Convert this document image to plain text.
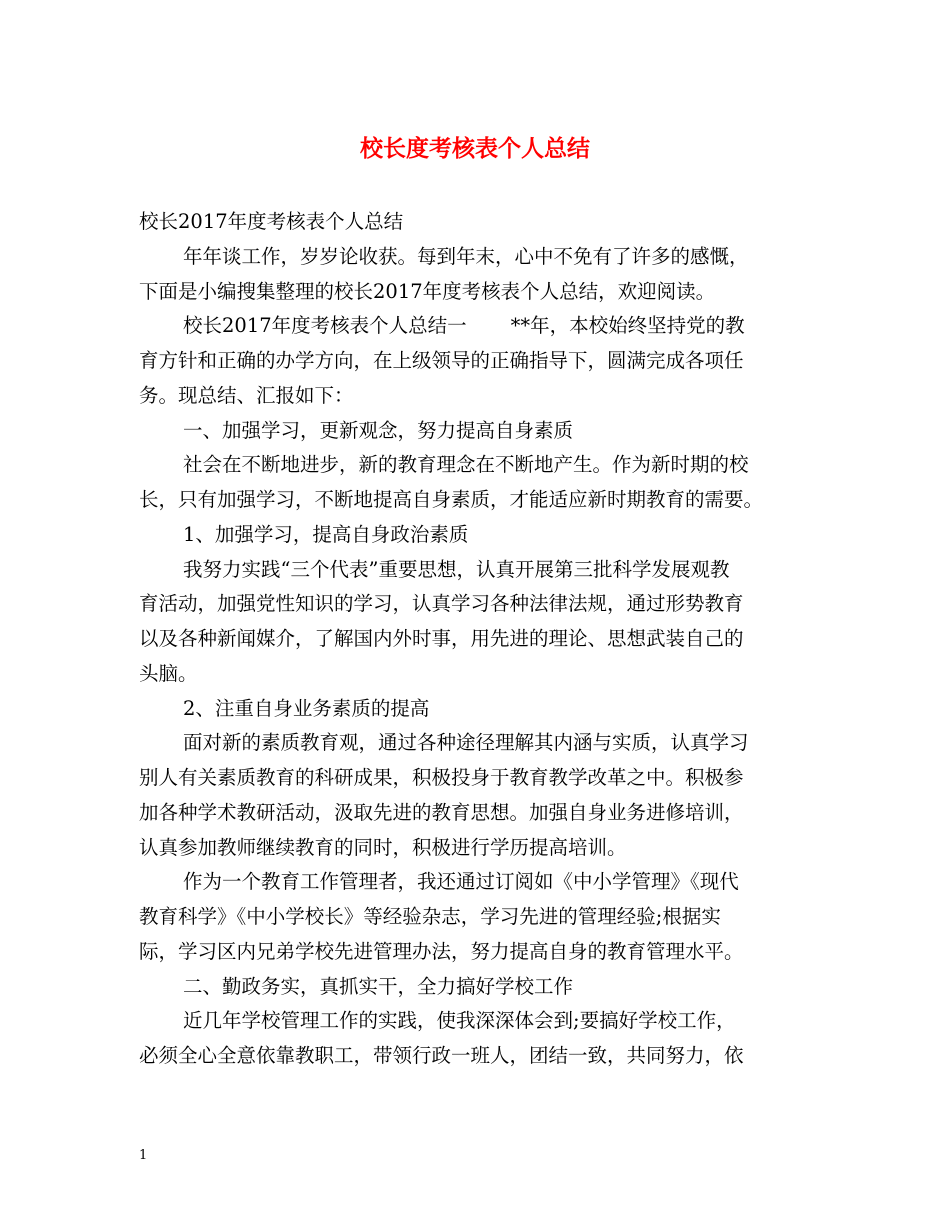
校长度考核表个人总结

校长2017年度考核表个人总结

年年谈工作，岁岁论收获。每到年末，心中不免有了许多的感慨，

下面是小编搜集整理的校长2017年度考核表个人总结，欢迎阅读。

校长2017年度考核表个人总结一 **年，本校始终坚持党的教

育方针和正确的办学方向，在上级领导的正确指导下，圆满完成各项任

务。现总结、汇报如下：

一、加强学习，更新观念，努力提高自身素质

社会在不断地进步，新的教育理念在不断地产生。作为新时期的校

长，只有加强学习，不断地提高自身素质，才能适应新时期教育的需要。

1、加强学习，提高自身政治素质

我努力实践“三个代表”重要思想，认真开展第三批科学发展观教

育活动，加强党性知识的学习，认真学习各种法律法规，通过形势教育

以及各种新闻媒介，了解国内外时事，用先进的理论、思想武装自己的

头脑。

2、注重自身业务素质的提高

面对新的素质教育观，通过各种途径理解其内涵与实质，认真学习

别人有关素质教育的科研成果，积极投身于教育教学改革之中。积极参

加各种学术教研活动，汲取先进的教育思想。加强自身业务进修培训，

认真参加教师继续教育的同时，积极进行学历提高培训。

作为一个教育工作管理者，我还通过订阅如《中小学管理》《现代

教育科学》《中小学校长》等经验杂志，学习先进的管理经验;根据实

际，学习区内兄弟学校先进管理办法，努力提高自身的教育管理水平。

二、勤政务实，真抓实干，全力搞好学校工作

近几年学校管理工作的实践，使我深深体会到;要搞好学校工作，

必须全心全意依靠教职工，带领行政一班人，团结一致，共同努力，依

1
